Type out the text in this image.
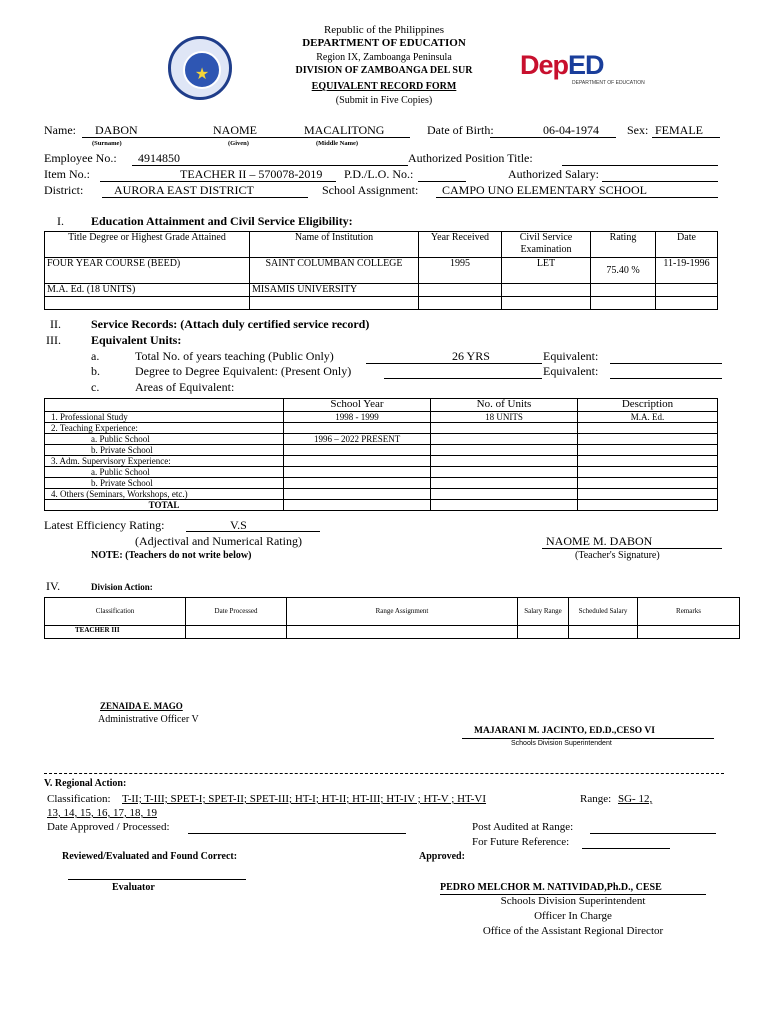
★
Republic of the Philippines
DEPARTMENT OF EDUCATION
Region IX, Zamboanga Peninsula
DIVISION OF ZAMBOANGA DEL SUR
EQUIVALENT RECORD FORM
(Submit in Five Copies)
DepED
DEPARTMENT OF EDUCATION
Name: DABON	NAOME	MACALITONG
(Surname)	(Given)	(Middle Name)
Date of Birth:	06-04-1974 Sex: FEMALE
Employee No.: 4914850	Authorized Position Title:
Item No.:	TEACHER II – 570078-2019 P.D./L.O. No.:	Authorized Salary:
District:	AURORA EAST DISTRICT	School Assignment: CAMPO UNO ELEMENTARY SCHOOL
I. Education Attainment and Civil Service Eligibility:
Title Degree or Highest Grade Attained	Name of Institution	Year Received	Civil Service Examination	Rating	Date
FOUR YEAR COURSE (BEED)	SAINT COLUMBAN COLLEGE	1995	LET	75.40 %	11-19-1996
M.A. Ed. (18 UNITS)	MISAMIS UNIVERSITY				

II.	Service Records: (Attach duly certified service record)
III.	Equivalent Units:
a.	Total No. of years teaching (Public Only)	26 YRS	Equivalent:
b.	Degree to Degree Equivalent: (Present Only)	Equivalent:
c.	Areas of Equivalent:
	School Year	No. of Units	Description
1. Professional Study	1998 - 1999	18 UNITS	M.A. Ed.
2. Teaching Experience:			
a. Public School	1996 – 2022 PRESENT		
b. Private School			
3. Adm. Supervisory Experience:			
a. Public School			
b. Private School			
4. Others (Seminars, Workshops, etc.)			
TOTAL			
Latest Efficiency Rating:	V.S
(Adjectival and Numerical Rating)	NAOME M. DABON
(Teacher's Signature)
NOTE: (Teachers do not write below)
IV.	Division Action:
Classification	Date Processed	Range Assignment	Salary Range	Scheduled Salary	Remarks
TEACHER III					
ZENAIDA E. MAGO
Administrative Officer V
MAJARANI M. JACINTO, ED.D.,CESO VI
Schools Division Superintendent
V. Regional Action:
Classification: T-II; T-III; SPET-I; SPET-II; SPET-III; HT-I; HT-II; HT-III; HT-IV ; HT-V ; HT-VI	Range: SG- 12,
13, 14, 15, 16, 17, 18, 19
Date Approved / Processed:	Post Audited at Range:
For Future Reference:
Reviewed/Evaluated and Found Correct:	Approved:
Evaluator	PEDRO MELCHOR M. NATIVIDAD,Ph.D., CESE
Schools Division Superintendent
Officer In Charge
Office of the Assistant Regional Director
